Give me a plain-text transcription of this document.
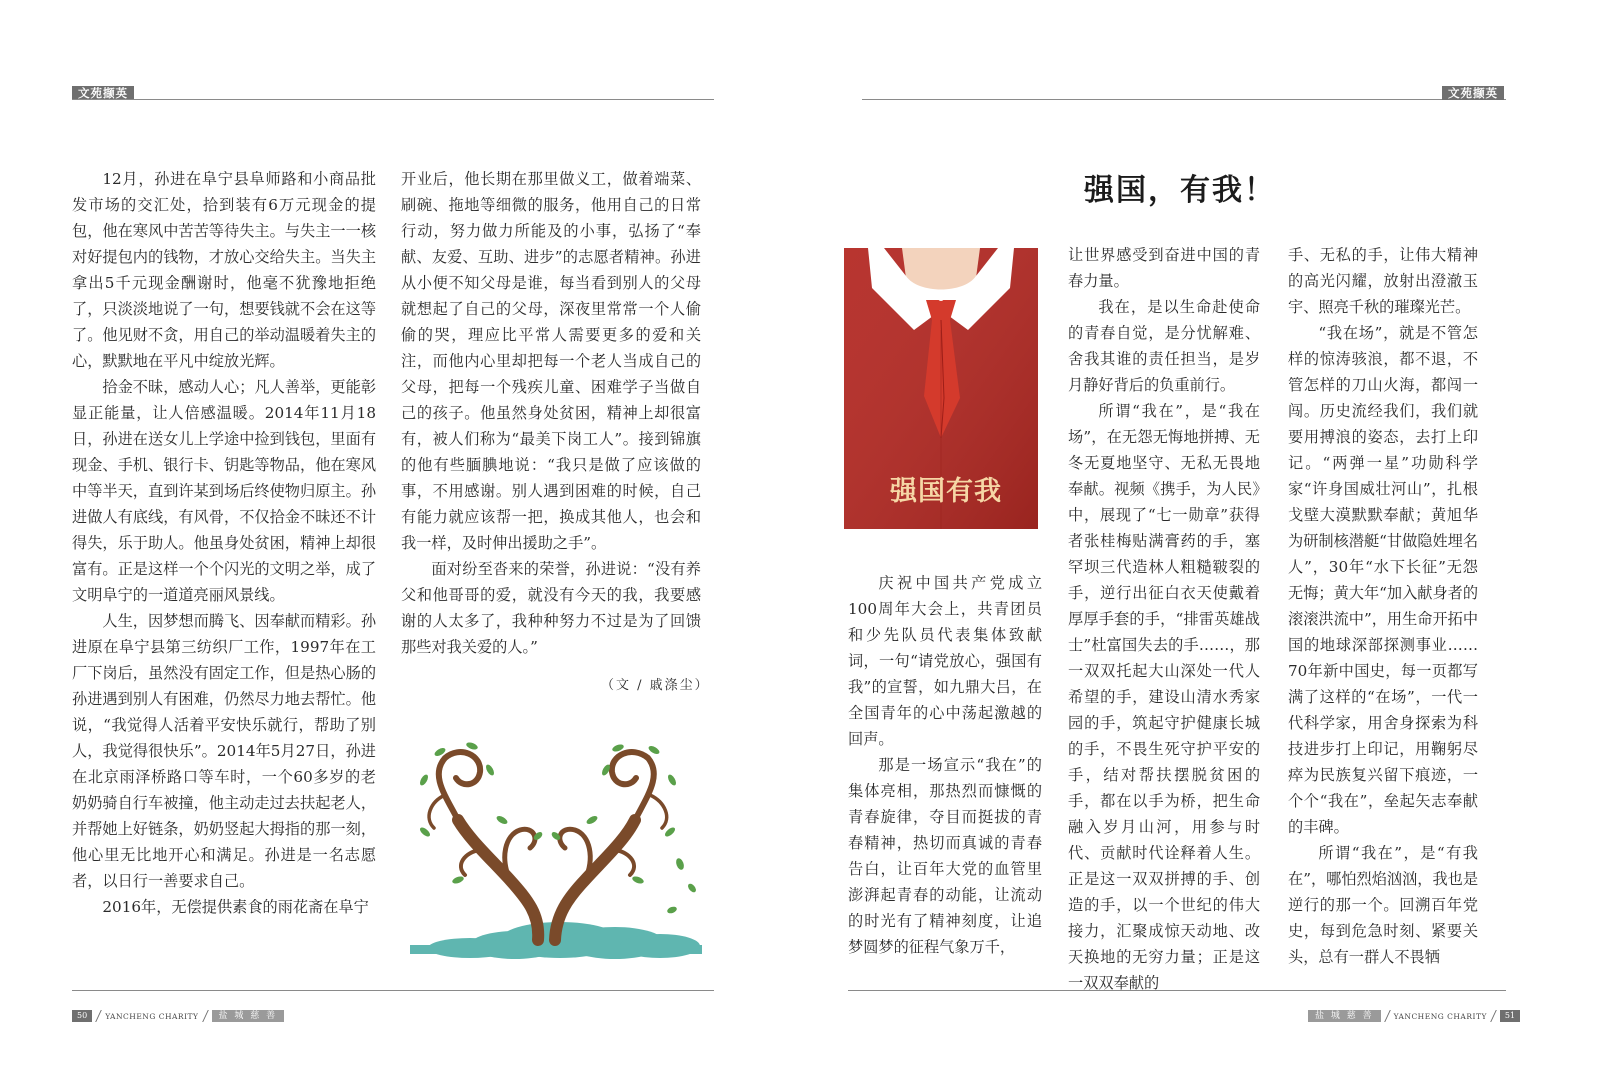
文苑撷英

12月，孙进在阜宁县阜师路和小商品批发市场的交汇处，拾到装有6万元现金的提包，他在寒风中苦苦等待失主。与失主一一核对好提包内的钱物，才放心交给失主。当失主拿出5千元现金酬谢时，他毫不犹豫地拒绝了，只淡淡地说了一句，想要钱就不会在这等了。他见财不贪，用自己的举动温暖着失主的心，默默地在平凡中绽放光辉。

拾金不昧，感动人心；凡人善举，更能彰显正能量，让人倍感温暖。2014年11月18日，孙进在送女儿上学途中捡到钱包，里面有现金、手机、银行卡、钥匙等物品，他在寒风中等半天，直到许某到场后终使物归原主。孙进做人有底线，有风骨，不仅拾金不昧还不计得失，乐于助人。他虽身处贫困，精神上却很富有。正是这样一个个闪光的文明之举，成了文明阜宁的一道道亮丽风景线。

人生，因梦想而腾飞、因奉献而精彩。孙进原在阜宁县第三纺织厂工作，1997年在工厂下岗后，虽然没有固定工作，但是热心肠的孙进遇到别人有困难，仍然尽力地去帮忙。他说，“我觉得人活着平安快乐就行，帮助了别人，我觉得很快乐”。2014年5月27日，孙进在北京雨泽桥路口等车时，一个60多岁的老奶奶骑自行车被撞，他主动走过去扶起老人，并帮她上好链条，奶奶竖起大拇指的那一刻，他心里无比地开心和满足。孙进是一名志愿者，以日行一善要求自己。

2016年，无偿提供素食的雨花斋在阜宁

开业后，他长期在那里做义工，做着端菜、刷碗、拖地等细微的服务，他用自己的日常行动，努力做力所能及的小事，弘扬了“奉献、友爱、互助、进步”的志愿者精神。孙进从小便不知父母是谁，每当看到别人的父母就想起了自己的父母，深夜里常常一个人偷偷的哭，理应比平常人需要更多的爱和关注，而他内心里却把每一个老人当成自己的父母，把每一个残疾儿童、困难学子当做自己的孩子。他虽然身处贫困，精神上却很富有，被人们称为“最美下岗工人”。接到锦旗的他有些腼腆地说：“我只是做了应该做的事，不用感谢。别人遇到困难的时候，自己有能力就应该帮一把，换成其他人，也会和我一样，及时伸出援助之手”。

面对纷至沓来的荣誉，孙进说：“没有养父和他哥哥的爱，就没有今天的我，我要感谢的人太多了，我种种努力不过是为了回馈那些对我关爱的人。”

（文 / 戚涤尘）
50	YANCHENG CHARITY	盐 城 慈 善
文苑撷英
强国，有我！
强国有我

庆祝中国共产党成立100周年大会上，共青团员和少先队员代表集体致献词，一句“请党放心，强国有我”的宣誓，如九鼎大吕，在全国青年的心中荡起激越的回声。

那是一场宣示“我在”的集体亮相，那热烈而慷慨的青春旋律，夺目而挺拔的青春精神，热切而真诚的青春告白，让百年大党的血管里澎湃起青春的动能，让流动的时光有了精神刻度，让追梦圆梦的征程气象万千，

让世界感受到奋进中国的青春力量。

我在，是以生命赴使命的青春自觉，是分忧解难、舍我其谁的责任担当，是岁月静好背后的负重前行。

所谓“我在”，是“我在场”，在无怨无悔地拼搏、无冬无夏地坚守、无私无畏地奉献。视频《携手，为人民》中，展现了“七一勋章”获得者张桂梅贴满膏药的手，塞罕坝三代造林人粗糙皲裂的手，逆行出征白衣天使戴着厚厚手套的手，“排雷英雄战士”杜富国失去的手……，那一双双托起大山深处一代人希望的手，建设山清水秀家园的手，筑起守护健康长城的手，不畏生死守护平安的手，结对帮扶摆脱贫困的手，都在以手为桥，把生命融入岁月山河，用参与时代、贡献时代诠释着人生。正是这一双双拼搏的手、创造的手，以一个世纪的伟大接力，汇聚成惊天动地、改天换地的无穷力量；正是这一双双奉献的

手、无私的手，让伟大精神的高光闪耀，放射出澄澈玉宇、照亮千秋的璀璨光芒。

“我在场”，就是不管怎样的惊涛骇浪，都不退，不管怎样的刀山火海，都闯一闯。历史流经我们，我们就要用搏浪的姿态，去打上印记。“两弹一星”功勋科学家“许身国威壮河山”，扎根戈壁大漠默默奉献；黄旭华为研制核潜艇“甘做隐姓埋名人”，30年“水下长征”无怨无悔；黄大年“加入献身者的滚滚洪流中”，用生命开拓中国的地球深部探测事业……70年新中国史，每一页都写满了这样的“在场”，一代一代科学家，用舍身探索为科技进步打上印记，用鞠躬尽瘁为民族复兴留下痕迹，一个个“我在”，垒起矢志奉献的丰碑。

所谓“我在”，是“有我在”，哪怕烈焰汹汹，我也是逆行的那一个。回溯百年党史，每到危急时刻、紧要关头，总有一群人不畏牺

盐 城 慈 善	YANCHENG CHARITY	51
